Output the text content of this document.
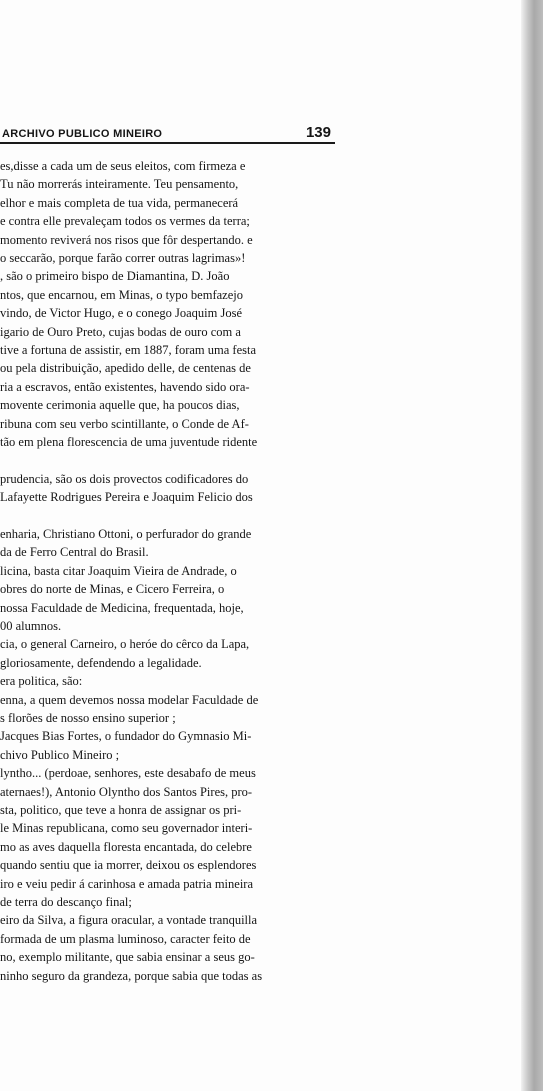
ARCHIVO PUBLICO MINEIRO	139
es,disse a cada um de seus eleitos, com firmeza e
Tu não morrerás inteiramente. Teu pensamento,
elhor e mais completa de tua vida, permanecerá
e contra elle prevaleçam todos os vermes da terra;
momento reviverá nos risos que fôr despertando. e
o seccarão, porque farão correr outras lagrimas»!
, são o primeiro bispo de Diamantina, D. João
ntos, que encarnou, em Minas, o typo bemfazejo
vindo, de Victor Hugo, e o conego Joaquim José
igario de Ouro Preto, cujas bodas de ouro com a
tive a fortuna de assistir, em 1887, foram uma festa
ou pela distribuição, apedido delle, de centenas de
ria a escravos, então existentes, havendo sido ora-
movente cerimonia aquelle que, ha poucos dias,
ribuna com seu verbo scintillante, o Conde de Af-
tão em plena florescencia de uma juventude ridente
prudencia, são os dois provectos codificadores do
Lafayette Rodrigues Pereira e Joaquim Felicio dos
enharia, Christiano Ottoni, o perfurador do grande
da de Ferro Central do Brasil.
licina, basta citar Joaquim Vieira de Andrade, o
obres do norte de Minas, e Cicero Ferreira, o
nossa Faculdade de Medicina, frequentada, hoje,
00 alumnos.
cia, o general Carneiro, o heróe do cêrco da Lapa,
gloriosamente, defendendo a legalidade.
era politica, são:
enna, a quem devemos nossa modelar Faculdade de
s florões de nosso ensino superior ;
Jacques Bias Fortes, o fundador do Gymnasio Mi-
chivo Publico Mineiro ;
lyntho... (perdoae, senhores, este desabafo de meus
aternaes!), Antonio Olyntho dos Santos Pires, pro-
sta, politico, que teve a honra de assignar os pri-
le Minas republicana, como seu governador interi-
mo as aves daquella floresta encantada, do celebre
quando sentiu que ia morrer, deixou os esplendores
iro e veiu pedir á carinhosa e amada patria mineira
de terra do descanço final;
eiro da Silva, a figura oracular, a vontade tranquilla
formada de um plasma luminoso, caracter feito de
no, exemplo militante, que sabia ensinar a seus go-
ninho seguro da grandeza, porque sabia que todas as
